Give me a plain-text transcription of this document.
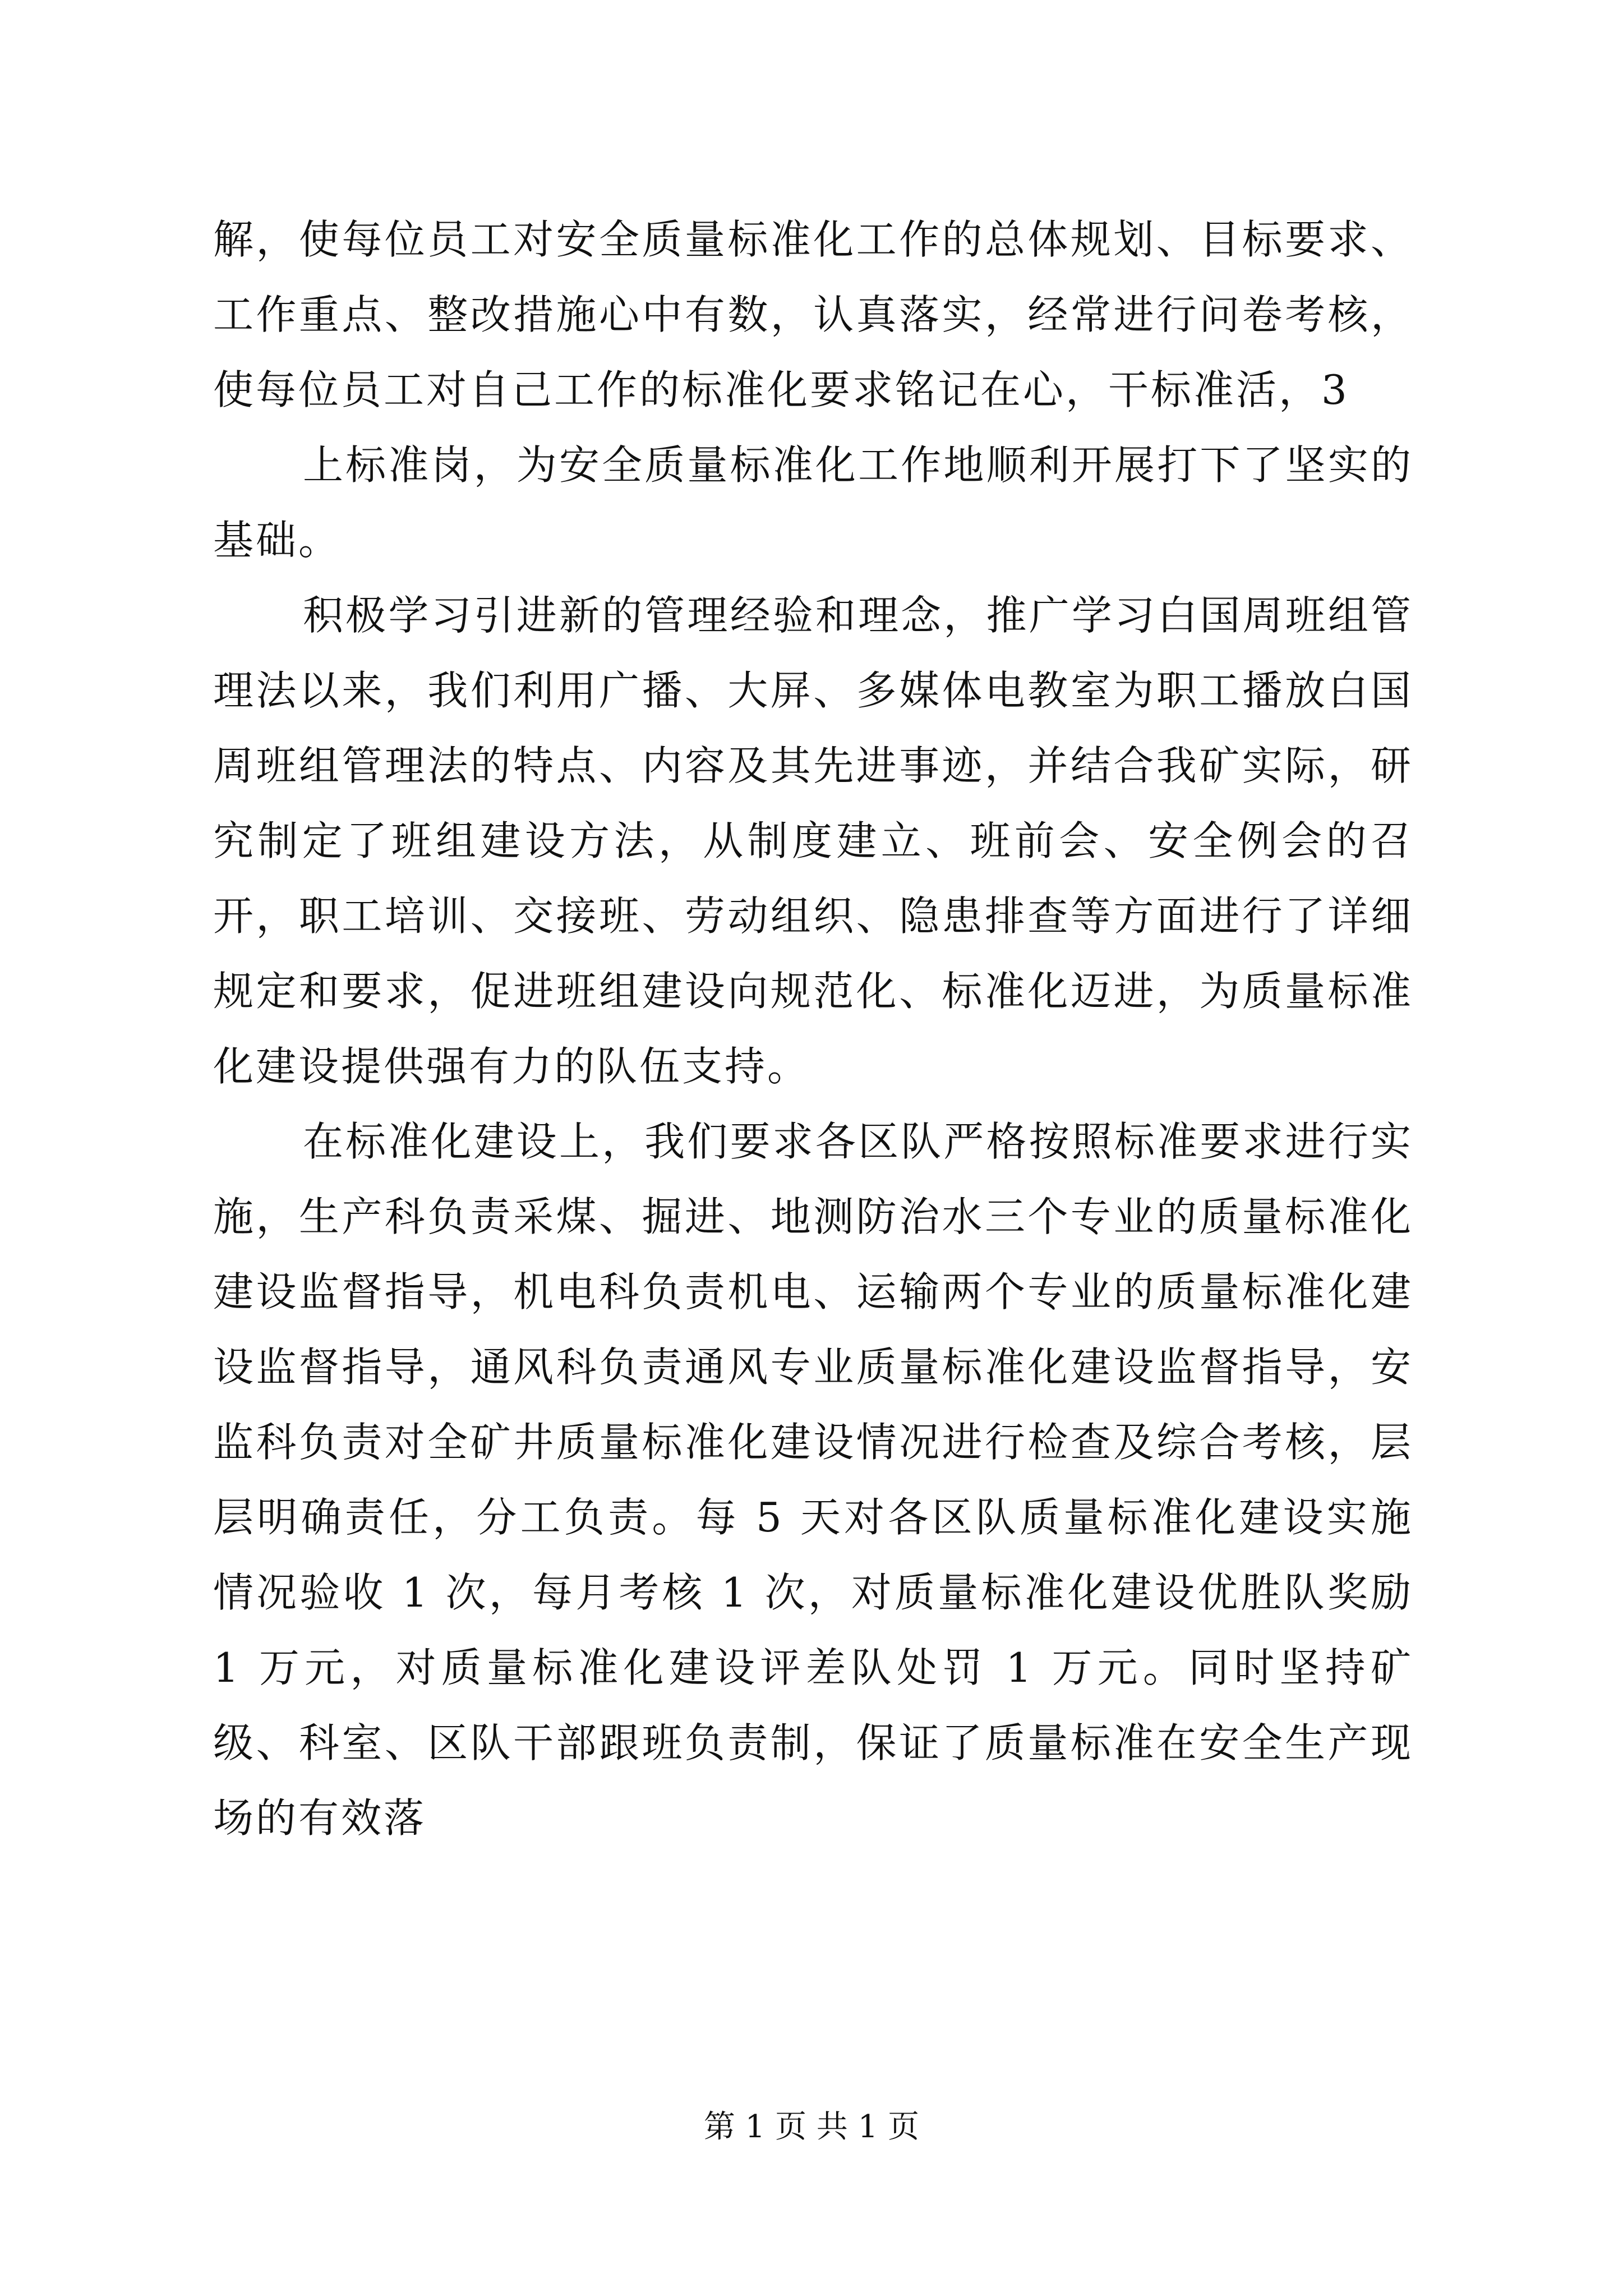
解，使每位员工对安全质量标准化工作的总体规划、目标要求、工作重点、整改措施心中有数，认真落实，经常进行问卷考核，使每位员工对自己工作的标准化要求铭记在心，干标准活，3

上标准岗，为安全质量标准化工作地顺利开展打下了坚实的基础。

积极学习引进新的管理经验和理念，推广学习白国周班组管理法以来，我们利用广播、大屏、多媒体电教室为职工播放白国周班组管理法的特点、内容及其先进事迹，并结合我矿实际，研究制定了班组建设方法，从制度建立、班前会、安全例会的召开，职工培训、交接班、劳动组织、隐患排查等方面进行了详细规定和要求，促进班组建设向规范化、标准化迈进，为质量标准化建设提供强有力的队伍支持。

在标准化建设上，我们要求各区队严格按照标准要求进行实施，生产科负责采煤、掘进、地测防治水三个专业的质量标准化建设监督指导，机电科负责机电、运输两个专业的质量标准化建设监督指导，通风科负责通风专业质量标准化建设监督指导，安监科负责对全矿井质量标准化建设情况进行检查及综合考核，层层明确责任，分工负责。每 5 天对各区队质量标准化建设实施情况验收 1 次，每月考核 1 次，对质量标准化建设优胜队奖励 1 万元，对质量标准化建设评差队处罚 1 万元。同时坚持矿级、科室、区队干部跟班负责制，保证了质量标准在安全生产现场的有效落

第 1 页 共 1 页
